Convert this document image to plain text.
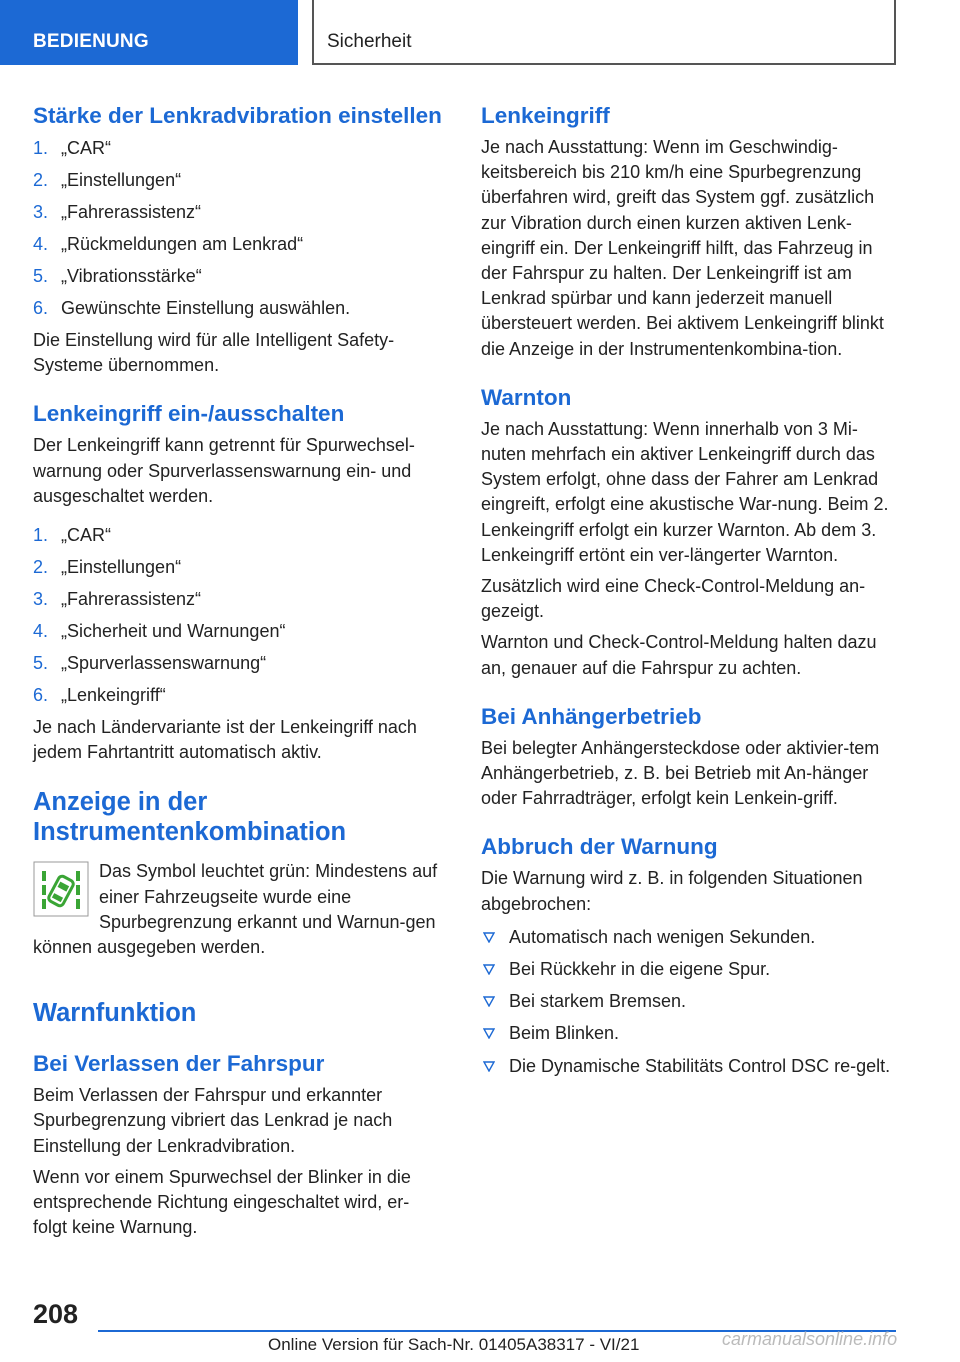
BEDIENUNG	Sicherheit
Stärke der Lenkradvibration einstellen
1. „CAR“
2. „Einstellungen“
3. „Fahrerassistenz“
4. „Rückmeldungen am Lenkrad“
5. „Vibrationsstärke“
6. Gewünschte Einstellung auswählen.

Die Einstellung wird für alle Intelligent Safety-Systeme übernommen.

Lenkeingriff ein-/ausschalten

Der Lenkeingriff kann getrennt für Spurwechsel-warnung oder Spurverlassenswarnung ein- und ausgeschaltet werden.

1. „CAR“
2. „Einstellungen“
3. „Fahrerassistenz“
4. „Sicherheit und Warnungen“
5. „Spurverlassenswarnung“
6. „Lenkeingriff“

Je nach Ländervariante ist der Lenkeingriff nach jedem Fahrtantritt automatisch aktiv.

Anzeige in der Instrumentenkombination

Das Symbol leuchtet grün: Mindestens auf einer Fahrzeugseite wurde eine Spurbegrenzung erkannt und Warnun-gen können ausgegeben werden.

Warnfunktion
Bei Verlassen der Fahrspur

Beim Verlassen der Fahrspur und erkannter Spurbegrenzung vibriert das Lenkrad je nach Einstellung der Lenkradvibration.

Wenn vor einem Spurwechsel der Blinker in die entsprechende Richtung eingeschaltet wird, er-folgt keine Warnung.

Lenkeingriff

Je nach Ausstattung: Wenn im Geschwindig-keitsbereich bis 210 km/h eine Spurbegrenzung überfahren wird, greift das System ggf. zusätzlich zur Vibration durch einen kurzen aktiven Lenk-eingriff ein. Der Lenkeingriff hilft, das Fahrzeug in der Fahrspur zu halten. Der Lenkeingriff ist am Lenkrad spürbar und kann jederzeit manuell übersteuert werden. Bei aktivem Lenkeingriff blinkt die Anzeige in der Instrumentenkombina-tion.

Warnton

Je nach Ausstattung: Wenn innerhalb von 3 Mi-nuten mehrfach ein aktiver Lenkeingriff durch das System erfolgt, ohne dass der Fahrer am Lenkrad eingreift, erfolgt eine akustische War-nung. Beim 2. Lenkeingriff erfolgt ein kurzer Warnton. Ab dem 3. Lenkeingriff ertönt ein ver-längerter Warnton.

Zusätzlich wird eine Check-Control-Meldung an-gezeigt.

Warnton und Check-Control-Meldung halten dazu an, genauer auf die Fahrspur zu achten.

Bei Anhängerbetrieb

Bei belegter Anhängersteckdose oder aktivier-tem Anhängerbetrieb, z. B. bei Betrieb mit An-hänger oder Fahrradträger, erfolgt kein Lenkein-griff.

Abbruch der Warnung

Die Warnung wird z. B. in folgenden Situationen abgebrochen:

Automatisch nach wenigen Sekunden.
Bei Rückkehr in die eigene Spur.
Bei starkem Bremsen.
Beim Blinken.
Die Dynamische Stabilitäts Control DSC re-gelt.
208
Online Version für Sach-Nr. 01405A38317 - VI/21	carmanualsonline.info
